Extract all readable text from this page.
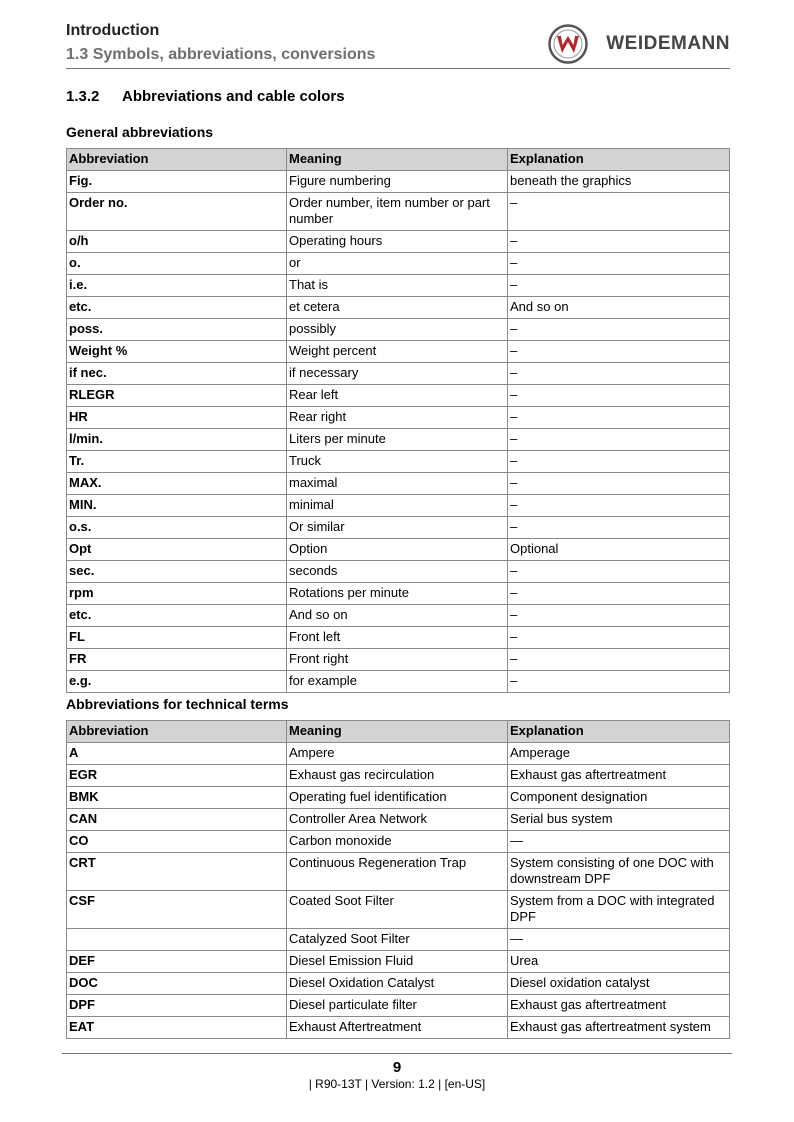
Introduction
1.3 Symbols, abbreviations, conversions
WEIDEMANN
1.3.2 Abbreviations and cable colors
General abbreviations
Abbreviation	Meaning	Explanation
Fig.	Figure numbering	beneath the graphics
Order no.	Order number, item number or part number	–
o/h	Operating hours	–
o.	or	–
i.e.	That is	–
etc.	et cetera	And so on
poss.	possibly	–
Weight %	Weight percent	–
if nec.	if necessary	–
RLEGR	Rear left	–
HR	Rear right	–
l/min.	Liters per minute	–
Tr.	Truck	–
MAX.	maximal	–
MIN.	minimal	–
o.s.	Or similar	–
Opt	Option	Optional
sec.	seconds	–
rpm	Rotations per minute	–
etc.	And so on	–
FL	Front left	–
FR	Front right	–
e.g.	for example	–
Abbreviations for technical terms
Abbreviation	Meaning	Explanation
A	Ampere	Amperage
EGR	Exhaust gas recirculation	Exhaust gas aftertreatment
BMK	Operating fuel identification	Component designation
CAN	Controller Area Network	Serial bus system
CO	Carbon monoxide	—
CRT	Continuous Regeneration Trap	System consisting of one DOC with downstream DPF
CSF	Coated Soot Filter	System from a DOC with integrated DPF
	Catalyzed Soot Filter	—
DEF	Diesel Emission Fluid	Urea
DOC	Diesel Oxidation Catalyst	Diesel oxidation catalyst
DPF	Diesel particulate filter	Exhaust gas aftertreatment
EAT	Exhaust Aftertreatment	Exhaust gas aftertreatment system
9
| R90-13T | Version: 1.2 | [en-US]
